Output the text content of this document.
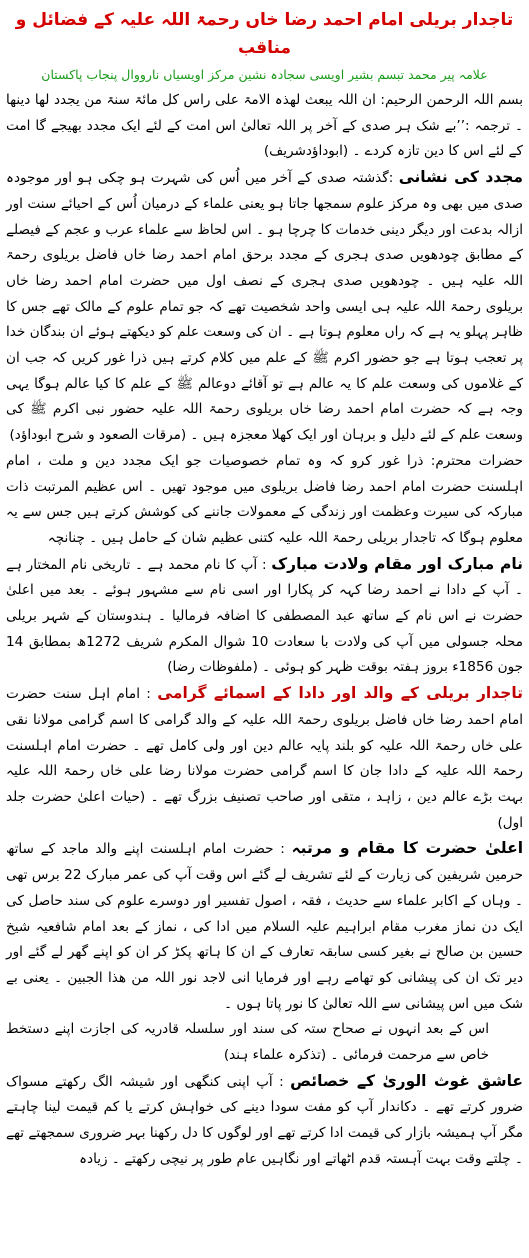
تاجدار بریلی امام احمد رضا خاں رحمۃ اللہ علیہ کے فضائل و مناقب

علامہ پیر محمد تبسم بشیر اویسی سجادہ نشین مرکز اویسیاں نارووال پنجاب پاکستان

بسم اللہ الرحمن الرحیم: ان اللہ یبعث لھذہ الامۃ علی راس کل مائۃ سنۃ من یجدد لھا دینھا ۔ ترجمہ :’’بے شک ہر صدی کے آخر پر اللہ تعالیٰ اس امت کے لئے ایک مجدد بھیجے گا امت کے لئے اس کا دین تازہ کردے ۔ (ابوداؤدشریف)

مجدد کی نشانی :گذشتہ صدی کے آخر میں اُس کی شہرت ہو چکی ہو اور موجودہ صدی میں بھی وہ مرکز علوم سمجھا جاتا ہو یعنی علماء کے درمیان اُس کے احیائے سنت اور ازالہ بدعت اور دیگر دینی خدمات کا چرچا ہو ۔ اس لحاظ سے علماء عرب و عجم کے فیصلے کے مطابق چودھویں صدی ہجری کے مجدد برحق امام احمد رضا خاں فاضل بریلوی رحمۃ اللہ علیہ ہیں ۔ چودھویں صدی ہجری کے نصف اول میں حضرت امام احمد رضا خاں بریلوی رحمۃ اللہ علیہ ہی ایسی واحد شخصیت تھے کہ جو تمام علوم کے مالک تھے جس کا ظاہر پہلو یہ ہے کہ راں معلوم ہوتا ہے ۔ ان کی وسعت علم کو دیکھتے ہوئے ان بندگان خدا پر تعجب ہوتا ہے جو حضور اکرم ﷺ کے علم میں کلام کرتے ہیں ذرا غور کریں کہ جب ان کے غلاموں کی وسعت علم کا یہ عالم ہے تو آقائے دوعالم ﷺ کے علم کا کیا عالم ہوگا یہی وجہ ہے کہ حضرت امام احمد رضا خاں بریلوی رحمۃ اللہ علیہ حضور نبی اکرم ﷺ کی وسعت علم کے لئے دلیل و برہان اور ایک کھلا معجزہ ہیں ۔ (مرقات الصعود و شرح ابوداؤد)

حضرات محترم: ذرا غور کرو کہ وہ تمام خصوصیات جو ایک مجدد دین و ملت ، امام اہلسنت حضرت امام احمد رضا فاضل بریلوی میں موجود تھیں ۔ اس عظیم المرتبت ذات مبارکہ کی سیرت وعظمت اور زندگی کے معمولات جاننے کی کوشش کرتے ہیں جس سے یہ معلوم ہوگا کہ تاجدار بریلی رحمۃ اللہ علیہ کتنی عظیم شان کے حامل ہیں ۔ چنانچہ

نام مبارک اور مقام ولادت مبارک : آپ کا نام محمد ہے ۔ تاریخی نام المختار ہے ۔ آپ کے دادا نے احمد رضا کہہ کر پکارا اور اسی نام سے مشہور ہوئے ۔ بعد میں اعلیٰ حضرت نے اس نام کے ساتھ عبد المصطفی کا اضافہ فرمالیا ۔ ہندوستان کے شہر بریلی محلہ جسولی میں آپ کی ولادت با سعادت 10 شوال المکرم شریف 1272ھ بمطابق 14 جون 1856ء بروز ہفتہ بوقت ظہر کو ہوئی ۔ (ملفوظات رضا)

تاجدار بریلی کے والد اور دادا کے اسمائے گرامی : امام اہل سنت حضرت امام احمد رضا خاں فاضل بریلوی رحمۃ اللہ علیہ کے والد گرامی کا اسم گرامی مولانا نقی علی خاں رحمۃ اللہ علیہ کو بلند پایہ عالم دین اور ولی کامل تھے ۔ حضرت امام اہلسنت رحمۃ اللہ علیہ کے دادا جان کا اسم گرامی حضرت مولانا رضا علی خاں رحمۃ اللہ علیہ بہت بڑے عالم دین ، زاہد ، متقی اور صاحب تصنیف بزرگ تھے ۔ (حیات اعلیٰ حضرت جلد اول)

اعلیٰ حضرت کا مقام و مرتبہ : حضرت امام اہلسنت اپنے والد ماجد کے ساتھ حرمین شریفین کی زیارت کے لئے تشریف لے گئے اس وقت آپ کی عمر مبارک 22 برس تھی ۔ وہاں کے اکابر علماء سے حدیث ، فقہ ، اصول تفسیر اور دوسرے علوم کی سند حاصل کی ایک دن نماز مغرب مقام ابراہیم علیہ السلام میں ادا کی ، نماز کے بعد امام شافعیہ شیخ حسین بن صالح نے بغیر کسی سابقہ تعارف کے ان کا ہاتھ پکڑ کر ان کو اپنے گھر لے گئے اور دیر تک ان کی پیشانی کو تھامے رہے اور فرمایا انی لاجد نور اللہ من ھذا الجبین ۔ یعنی بے شک میں اس پیشانی سے اللہ تعالیٰ کا نور پاتا ہوں ۔

اس کے بعد انہوں نے صحاح ستہ کی سند اور سلسلہ قادریہ کی اجازت اپنے دستخط خاص سے مرحمت فرمائی ۔ (تذکرہ علماء ہند)

عاشق غوث الوریٰ کے خصائص : آپ اپنی کنگھی اور شیشہ الگ رکھتے مسواک ضرور کرتے تھے ۔ دکاندار آپ کو مفت سودا دینے کی خواہش کرتے یا کم قیمت لینا چاہتے مگر آپ ہمیشہ بازار کی قیمت ادا کرتے تھے اور لوگوں کا دل رکھنا بہر ضروری سمجھتے تھے ۔ چلتے وقت بہت آہستہ قدم اٹھاتے اور نگاہیں عام طور پر نیچی رکھتے ۔ زیادہ
